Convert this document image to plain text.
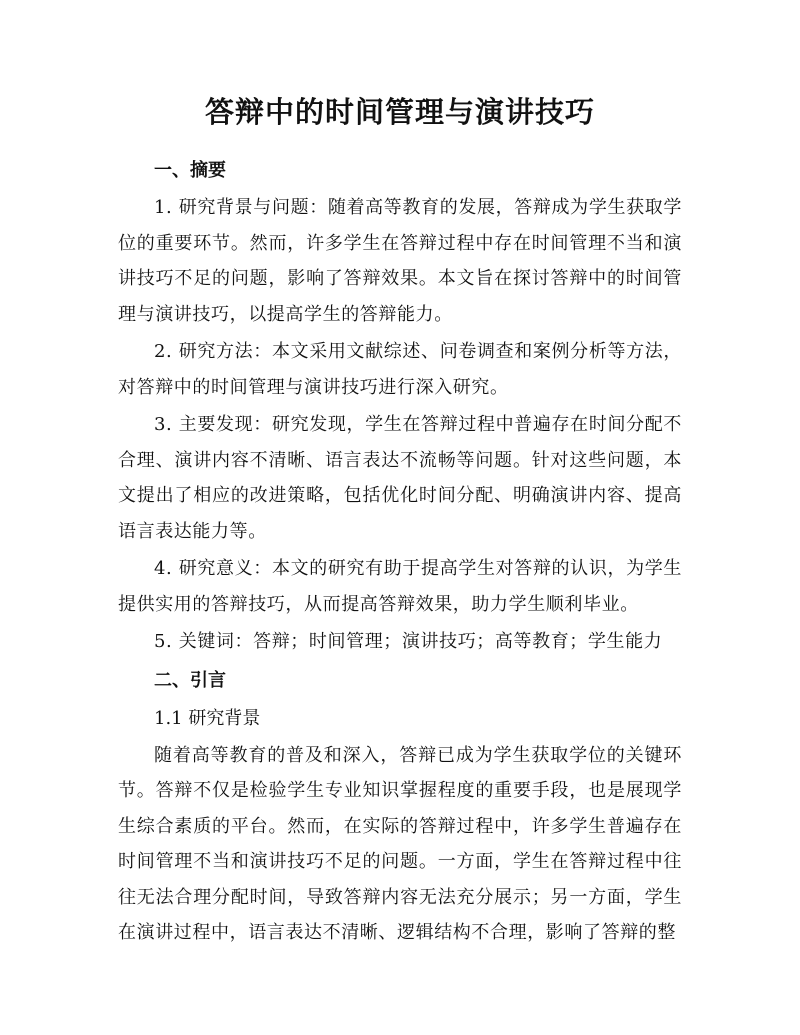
答辩中的时间管理与演讲技巧

一、摘要

1. 研究背景与问题：随着高等教育的发展，答辩成为学生获取学位的重要环节。然而，许多学生在答辩过程中存在时间管理不当和演讲技巧不足的问题，影响了答辩效果。本文旨在探讨答辩中的时间管理与演讲技巧，以提高学生的答辩能力。

2. 研究方法：本文采用文献综述、问卷调查和案例分析等方法，对答辩中的时间管理与演讲技巧进行深入研究。

3. 主要发现：研究发现，学生在答辩过程中普遍存在时间分配不合理、演讲内容不清晰、语言表达不流畅等问题。针对这些问题，本文提出了相应的改进策略，包括优化时间分配、明确演讲内容、提高语言表达能力等。

4. 研究意义：本文的研究有助于提高学生对答辩的认识，为学生提供实用的答辩技巧，从而提高答辩效果，助力学生顺利毕业。

5. 关键词：答辩；时间管理；演讲技巧；高等教育；学生能力

二、引言

1.1 研究背景

随着高等教育的普及和深入，答辩已成为学生获取学位的关键环节。答辩不仅是检验学生专业知识掌握程度的重要手段，也是展现学生综合素质的平台。然而，在实际的答辩过程中，许多学生普遍存在时间管理不当和演讲技巧不足的问题。一方面，学生在答辩过程中往往无法合理分配时间，导致答辩内容无法充分展示；另一方面，学生在演讲过程中，语言表达不清晰、逻辑结构不合理，影响了答辩的整
